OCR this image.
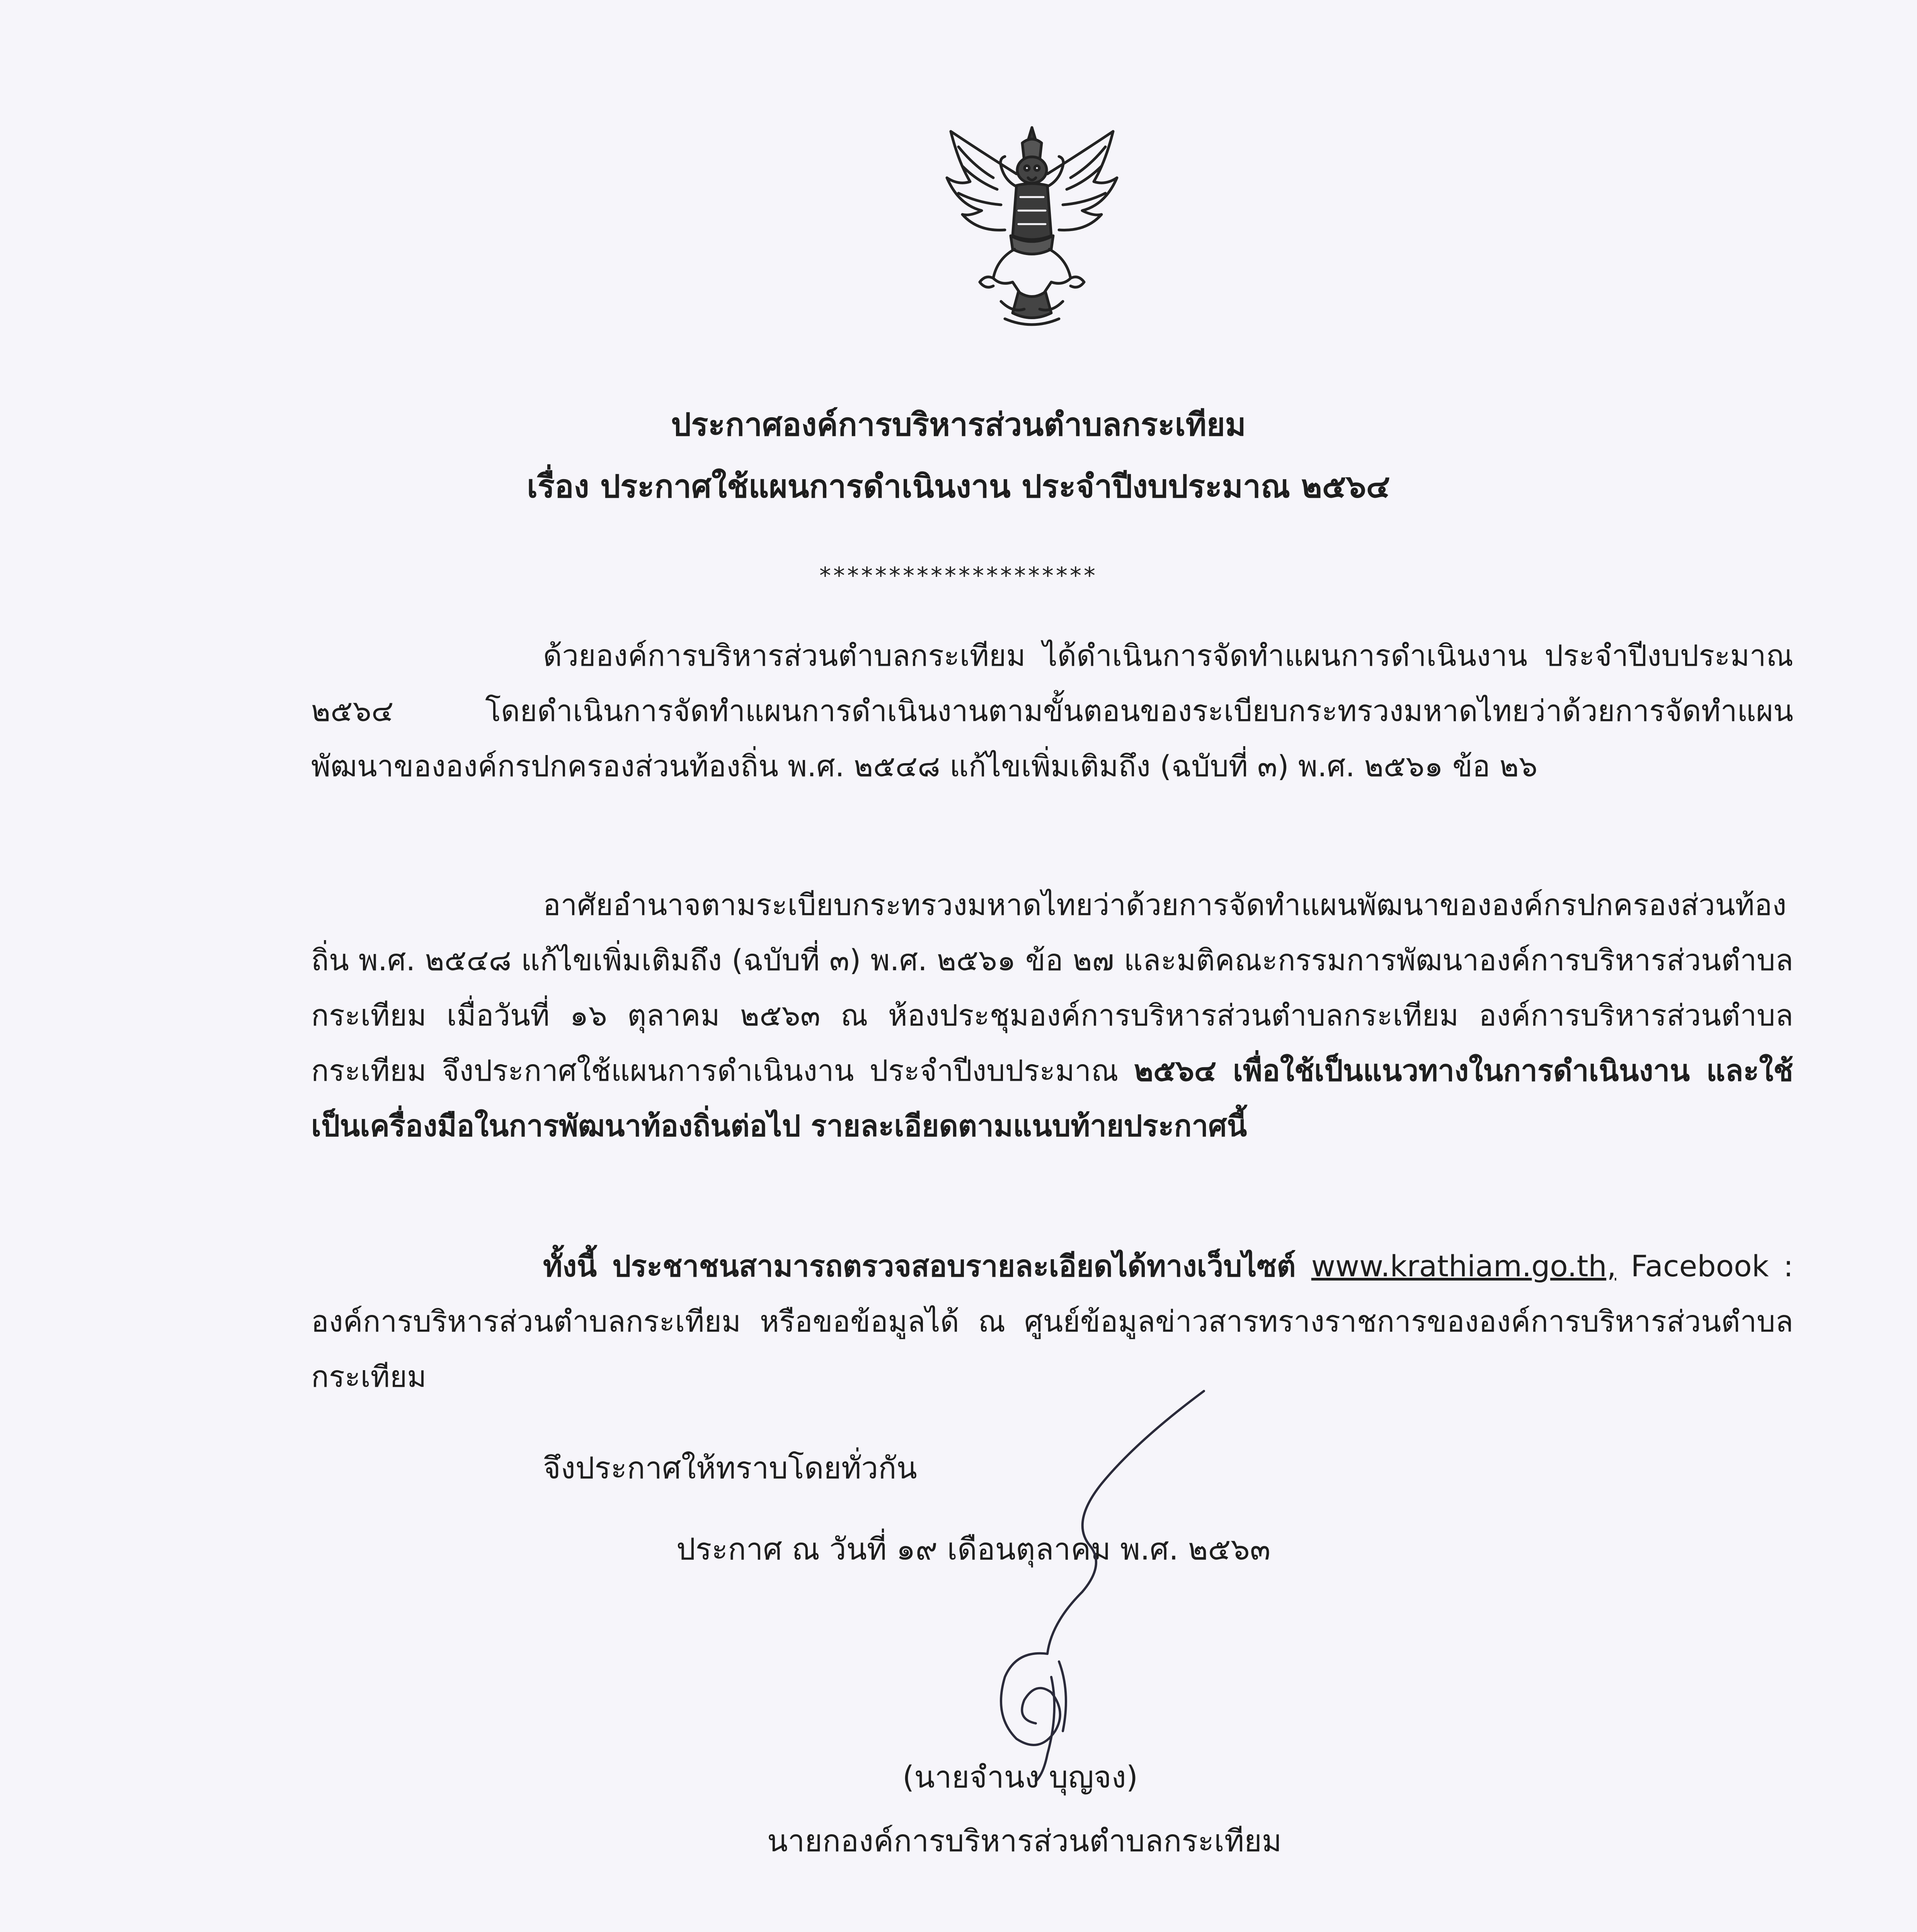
ประกาศองค์การบริหารส่วนตำบลกระเทียม
เรื่อง ประกาศใช้แผนการดำเนินงาน ประจำปีงบประมาณ ๒๕๖๔
********************
ด้วยองค์การบริหารส่วนตำบลกระเทียม ได้ดำเนินการจัดทำแผนการดำเนินงาน ประจำปีงบประมาณ ๒๕๖๔ โดยดำเนินการจัดทำแผนการดำเนินงานตามขั้นตอนของระเบียบกระทรวงมหาดไทยว่าด้วยการจัดทำแผนพัฒนาขององค์กรปกครองส่วนท้องถิ่น พ.ศ. ๒๕๔๘ แก้ไขเพิ่มเติมถึง (ฉบับที่ ๓) พ.ศ. ๒๕๖๑ ข้อ ๒๖
อาศัยอำนาจตามระเบียบกระทรวงมหาดไทยว่าด้วยการจัดทำแผนพัฒนาขององค์กรปกครองส่วนท้องถิ่น พ.ศ. ๒๕๔๘ แก้ไขเพิ่มเติมถึง (ฉบับที่ ๓) พ.ศ. ๒๕๖๑ ข้อ ๒๗ และมติคณะกรรมการพัฒนาองค์การบริหารส่วนตำบลกระเทียม เมื่อวันที่ ๑๖ ตุลาคม ๒๕๖๓ ณ ห้องประชุมองค์การบริหารส่วนตำบลกระเทียม องค์การบริหารส่วนตำบลกระเทียม จึงประกาศใช้แผนการดำเนินงาน ประจำปีงบประมาณ ๒๕๖๔ เพื่อใช้เป็นแนวทางในการดำเนินงาน และใช้เป็นเครื่องมือในการพัฒนาท้องถิ่นต่อไป รายละเอียดตามแนบท้ายประกาศนี้
ทั้งนี้ ประชาชนสามารถตรวจสอบรายละเอียดได้ทางเว็บไซต์ www.krathiam.go.th, Facebook : องค์การบริหารส่วนตำบลกระเทียม หรือขอข้อมูลได้ ณ ศูนย์ข้อมูลข่าวสารทรางราชการขององค์การบริหารส่วนตำบลกระเทียม
จึงประกาศให้ทราบโดยทั่วกัน
ประกาศ ณ วันที่ ๑๙ เดือนตุลาคม พ.ศ. ๒๕๖๓
(นายจำนง บุญจง)
นายกองค์การบริหารส่วนตำบลกระเทียม
